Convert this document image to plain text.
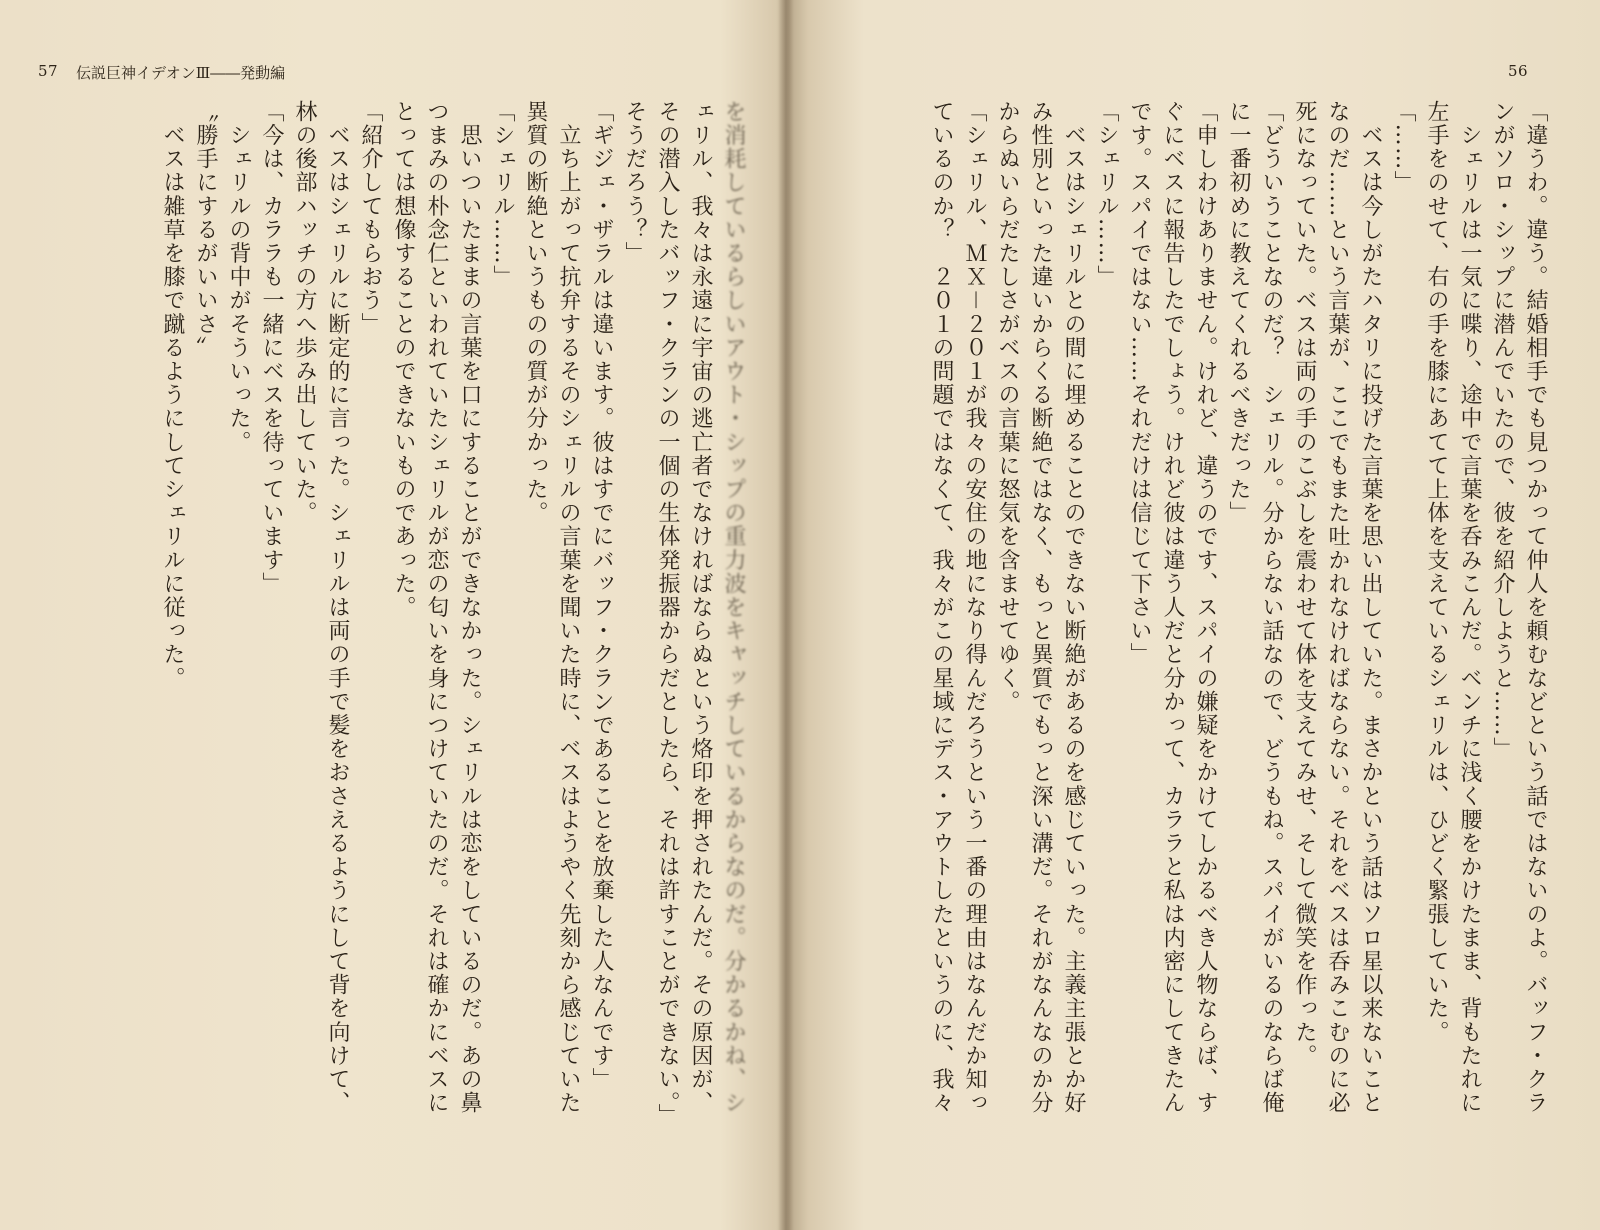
56
「違うわ。違う。結婚相手でも見つかって仲人を頼むなどという話ではないのよ。バッフ・クラ
ンがソロ・シップに潜んでいたので、彼を紹介しようと……」
　シェリルは一気に喋り、途中で言葉を呑みこんだ。ベンチに浅く腰をかけたまま、背もたれに
左手をのせて、右の手を膝にあてて上体を支えているシェリルは、ひどく緊張していた。
「……」
　ベスは今しがたハタリに投げた言葉を思い出していた。まさかという話はソロ星以来ないこと
なのだ……という言葉が、ここでもまた吐かれなければならない。それをベスは呑みこむのに必
死になっていた。ベスは両の手のこぶしを震わせて体を支えてみせ、そして微笑を作った。
「どういうことなのだ？　シェリル。分からない話なので、どうもね。スパイがいるのならば俺
に一番初めに教えてくれるべきだった」
「申しわけありません。けれど、違うのです、スパイの嫌疑をかけてしかるべき人物ならば、す
ぐにベスに報告したでしょう。けれど彼は違う人だと分かって、カララと私は内密にしてきたん
です。スパイではない……それだけは信じて下さい」
「シェリル……」
　ベスはシェリルとの間に埋めることのできない断絶があるのを感じていった。主義主張とか好
み性別といった違いからくる断絶ではなく、もっと異質でもっと深い溝だ。それがなんなのか分
からぬいらだたしさがベスの言葉に怒気を含ませてゆく。
「シェリル、ＭＸ－２０１が我々の安住の地になり得んだろうという一番の理由はなんだか知っ
ているのか？　２０１の問題ではなくて、我々がこの星域にデス・アウトしたというのに、我々
57 伝説巨神イデオンⅢ――発動編
を消耗しているらしいアウト・シップの重力波をキャッチしているからなのだ。分かるかね、シ
ェリル、我々は永遠に宇宙の逃亡者でなければならぬという烙印を押されたんだ。その原因が、
その潜入したバッフ・クランの一個の生体発振器からだとしたら、それは許すことができない。」
そうだろう？」
「ギジェ・ザラルは違います。彼はすでにバッフ・クランであることを放棄した人なんです」
　立ち上がって抗弁するそのシェリルの言葉を聞いた時に、ベスはようやく先刻から感じていた
異質の断絶というものの質が分かった。
「シェリル……」
　思いついたままの言葉を口にすることができなかった。シェリルは恋をしているのだ。あの鼻
つまみの朴念仁といわれていたシェリルが恋の匂いを身につけていたのだ。それは確かにベスに
とっては想像することのできないものであった。
「紹介してもらおう」
　ベスはシェリルに断定的に言った。シェリルは両の手で髪をおさえるようにして背を向けて、
林の後部ハッチの方へ歩み出していた。
「今は、カララも一緒にベスを待っています」
　シェリルの背中がそういった。
〝勝手にするがいいさ〟
　ベスは雑草を膝で蹴るようにしてシェリルに従った。
